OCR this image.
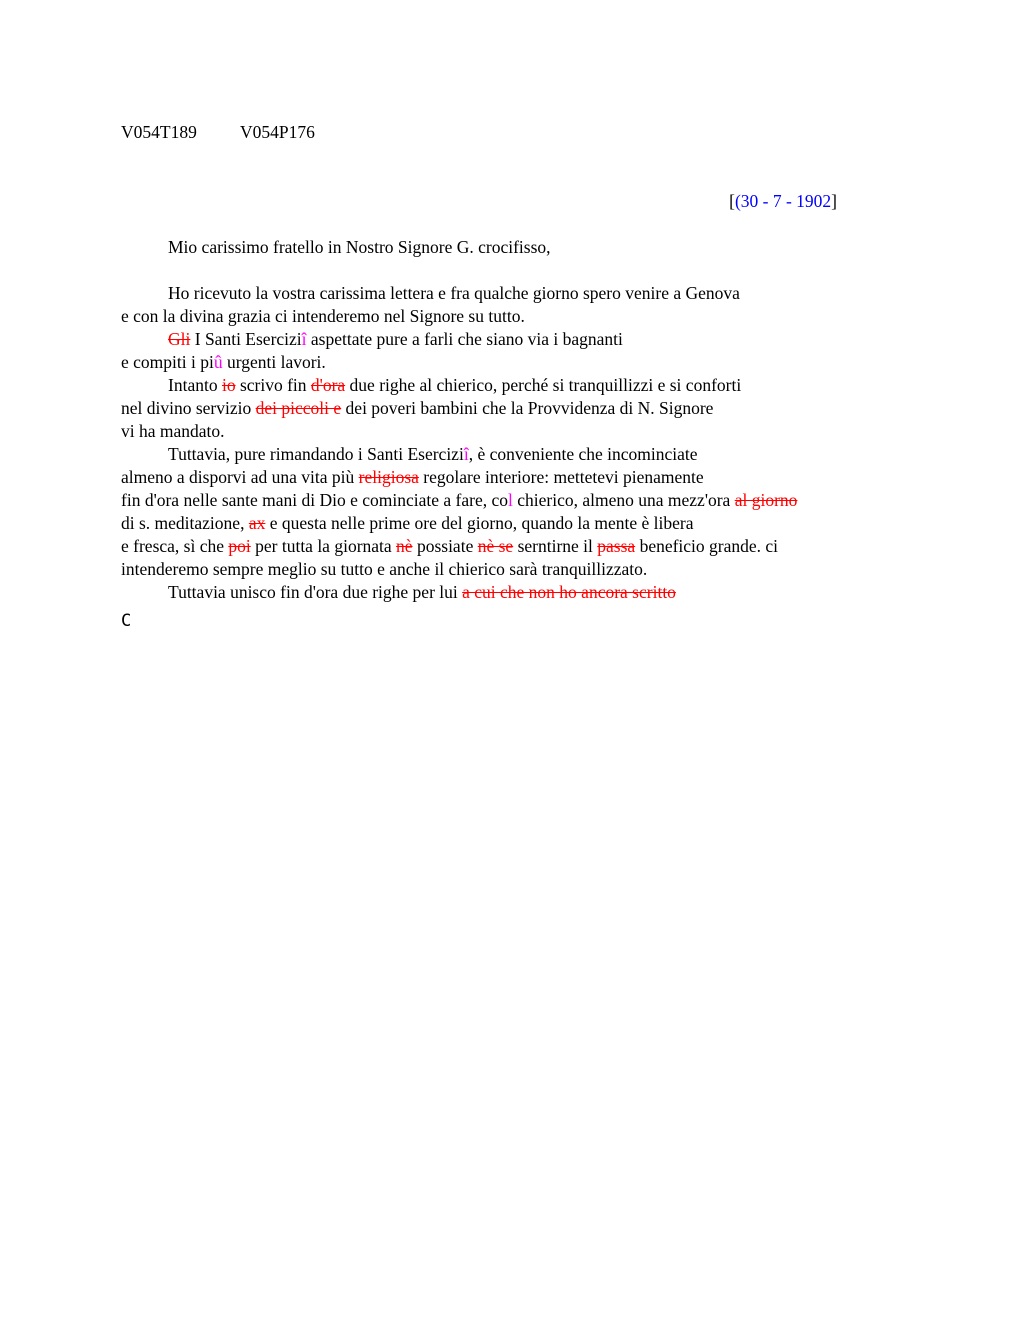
V054T189 V054P176
[(30 - 7 - 1902]
Mio carissimo fratello in Nostro Signore G. crocifisso,
Ho ricevuto la vostra carissima lettera e fra qualche giorno spero venire a Genova
e con la divina grazia ci intenderemo nel Signore su tutto.
Gli I Santi Eserciziî aspettate pure a farli che siano via i bagnanti
e compiti i piû urgenti lavori.
Intanto io scrivo fin d'ora due righe al chierico, perché si tranquillizzi e si conforti
nel divino servizio dei piccoli e dei poveri bambini che la Provvidenza di N. Signore
vi ha mandato.
Tuttavia, pure rimandando i Santi Eserciziî, è conveniente che incominciate
almeno a disporvi ad una vita più religiosa regolare interiore: mettetevi pienamente
fin d'ora nelle sante mani di Dio e cominciate a fare, col chierico, almeno una mezz'ora al giorno
di s. meditazione, ax e questa nelle prime ore del giorno, quando la mente è libera
e fresca, sì che poi per tutta la giornata nè possiate nè se serntirne il passa beneficio grande. ci
intenderemo sempre meglio su tutto e anche il chierico sarà tranquillizzato.
Tuttavia unisco fin d'ora due righe per lui a cui che non ho ancora scritto
C
